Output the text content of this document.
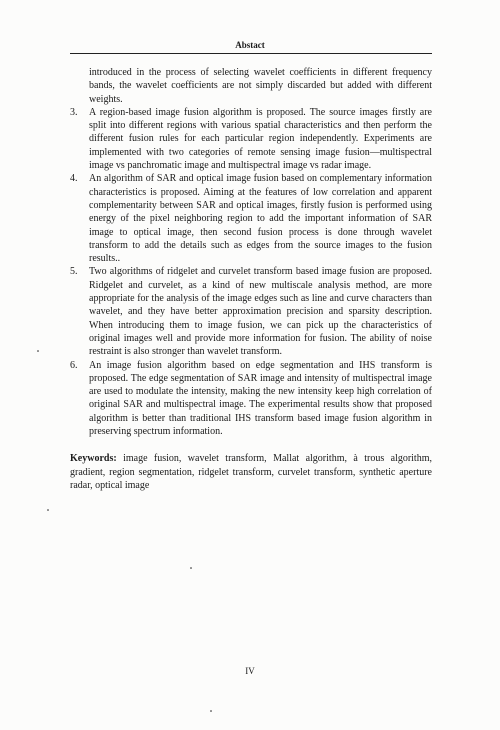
Abstact

introduced in the process of selecting wavelet coefficients in different frequency bands, the wavelet coefficients are not simply discarded but added with different weights.

3. A region-based image fusion algorithm is proposed. The source images firstly are split into different regions with various spatial characteristics and then perform the different fusion rules for each particular region independently. Experiments are implemented with two categories of remote sensing image fusion—multispectral image vs panchromatic image and multispectral image vs radar image.
4. An algorithm of SAR and optical image fusion based on complementary information characteristics is proposed. Aiming at the features of low correlation and apparent complementarity between SAR and optical images, firstly fusion is performed using energy of the pixel neighboring region to add the important information of SAR image to optical image, then second fusion process is done through wavelet transform to add the details such as edges from the source images to the fusion results..
5. Two algorithms of ridgelet and curvelet transform based image fusion are proposed. Ridgelet and curvelet, as a kind of new multiscale analysis method, are more appropriate for the analysis of the image edges such as line and curve characters than wavelet, and they have better approximation precision and sparsity description. When introducing them to image fusion, we can pick up the characteristics of original images well and provide more information for fusion. The ability of noise restraint is also stronger than wavelet transform.
6. An image fusion algorithm based on edge segmentation and IHS transform is proposed. The edge segmentation of SAR image and intensity of multispectral image are used to modulate the intensity, making the new intensity keep high correlation of original SAR and multispectral image. The experimental results show that proposed algorithm is better than traditional IHS transform based image fusion algorithm in preserving spectrum information.

Keywords: image fusion, wavelet transform, Mallat algorithm, à trous algorithm, gradient, region segmentation, ridgelet transform, curvelet transform, synthetic aperture radar, optical image

IV
